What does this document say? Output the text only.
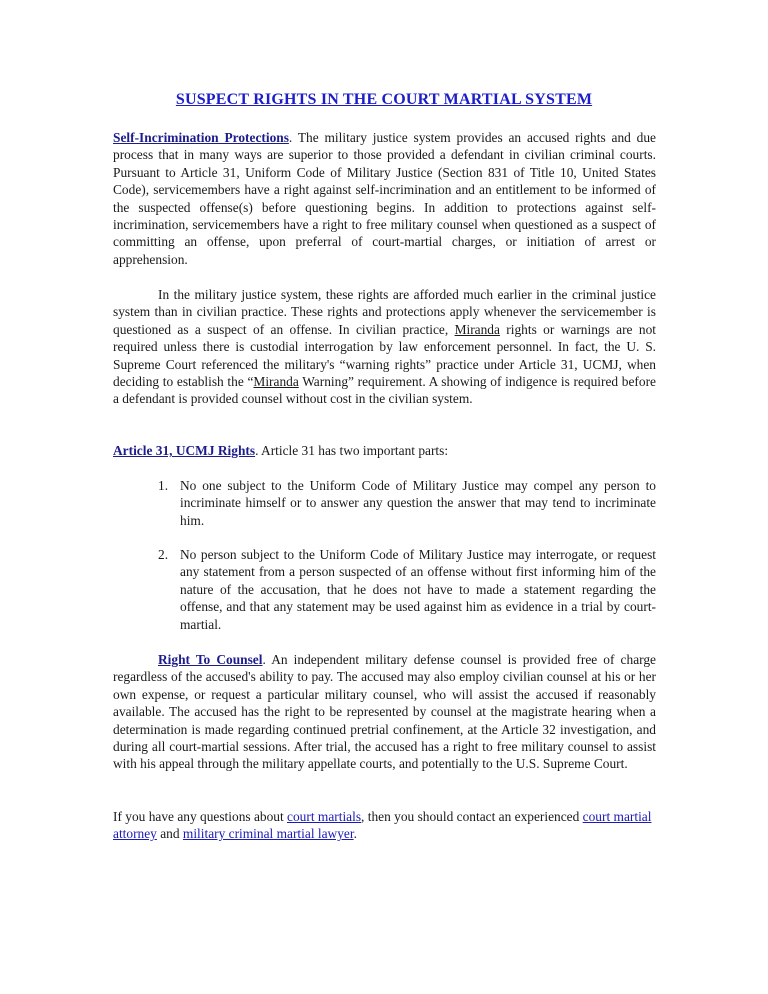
SUSPECT RIGHTS IN THE COURT MARTIAL SYSTEM

Self-Incrimination Protections. The military justice system provides an accused rights and due process that in many ways are superior to those provided a defendant in civilian criminal courts. Pursuant to Article 31, Uniform Code of Military Justice (Section 831 of Title 10, United States Code), servicemembers have a right against self-incrimination and an entitlement to be informed of the suspected offense(s) before questioning begins. In addition to protections against self-incrimination, servicemembers have a right to free military counsel when questioned as a suspect of committing an offense, upon preferral of court-martial charges, or initiation of arrest or apprehension.

In the military justice system, these rights are afforded much earlier in the criminal justice system than in civilian practice. These rights and protections apply whenever the servicemember is questioned as a suspect of an offense. In civilian practice, Miranda rights or warnings are not required unless there is custodial interrogation by law enforcement personnel. In fact, the U. S. Supreme Court referenced the military's “warning rights” practice under Article 31, UCMJ, when deciding to establish the “Miranda Warning” requirement. A showing of indigence is required before a defendant is provided counsel without cost in the civilian system.

Article 31, UCMJ Rights. Article 31 has two important parts:

1. No one subject to the Uniform Code of Military Justice may compel any person to incriminate himself or to answer any question the answer that may tend to incriminate him.

2. No person subject to the Uniform Code of Military Justice may interrogate, or request any statement from a person suspected of an offense without first informing him of the nature of the accusation, that he does not have to made a statement regarding the offense, and that any statement may be used against him as evidence in a trial by court-martial.

Right To Counsel. An independent military defense counsel is provided free of charge regardless of the accused's ability to pay. The accused may also employ civilian counsel at his or her own expense, or request a particular military counsel, who will assist the accused if reasonably available. The accused has the right to be represented by counsel at the magistrate hearing when a determination is made regarding continued pretrial confinement, at the Article 32 investigation, and during all court-martial sessions. After trial, the accused has a right to free military counsel to assist with his appeal through the military appellate courts, and potentially to the U.S. Supreme Court.

If you have any questions about court martials, then you should contact an experienced court martial attorney and military criminal martial lawyer.
